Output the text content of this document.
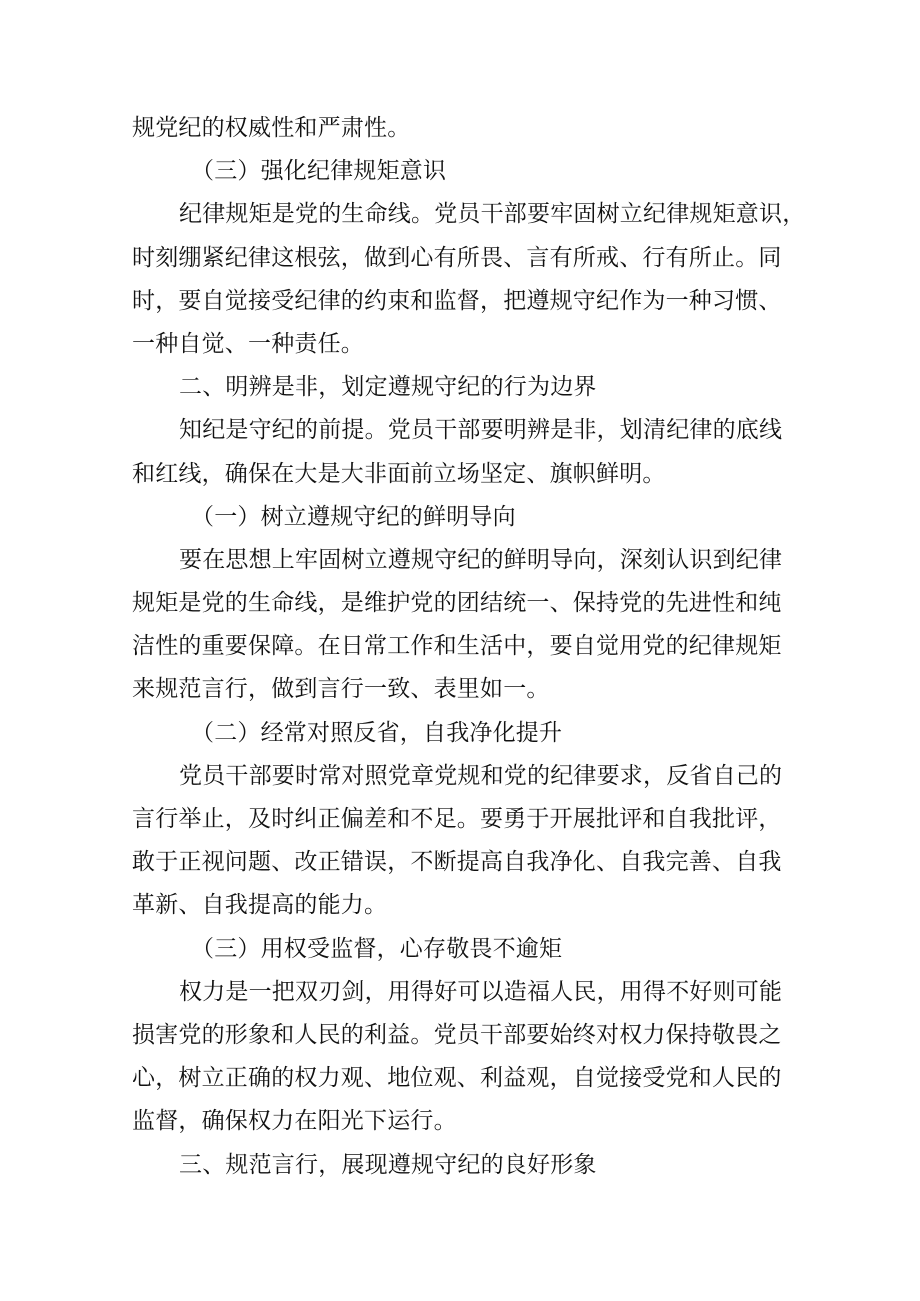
规党纪的权威性和严肃性。
（三）强化纪律规矩意识
纪律规矩是党的生命线。党员干部要牢固树立纪律规矩意识，
时刻绷紧纪律这根弦，做到心有所畏、言有所戒、行有所止。同
时，要自觉接受纪律的约束和监督，把遵规守纪作为一种习惯、
一种自觉、一种责任。
二、明辨是非，划定遵规守纪的行为边界
知纪是守纪的前提。党员干部要明辨是非，划清纪律的底线
和红线，确保在大是大非面前立场坚定、旗帜鲜明。
（一）树立遵规守纪的鲜明导向
要在思想上牢固树立遵规守纪的鲜明导向，深刻认识到纪律
规矩是党的生命线，是维护党的团结统一、保持党的先进性和纯
洁性的重要保障。在日常工作和生活中，要自觉用党的纪律规矩
来规范言行，做到言行一致、表里如一。
（二）经常对照反省，自我净化提升
党员干部要时常对照党章党规和党的纪律要求，反省自己的
言行举止，及时纠正偏差和不足。要勇于开展批评和自我批评，
敢于正视问题、改正错误，不断提高自我净化、自我完善、自我
革新、自我提高的能力。
（三）用权受监督，心存敬畏不逾矩
权力是一把双刃剑，用得好可以造福人民，用得不好则可能
损害党的形象和人民的利益。党员干部要始终对权力保持敬畏之
心，树立正确的权力观、地位观、利益观，自觉接受党和人民的
监督，确保权力在阳光下运行。
三、规范言行，展现遵规守纪的良好形象
